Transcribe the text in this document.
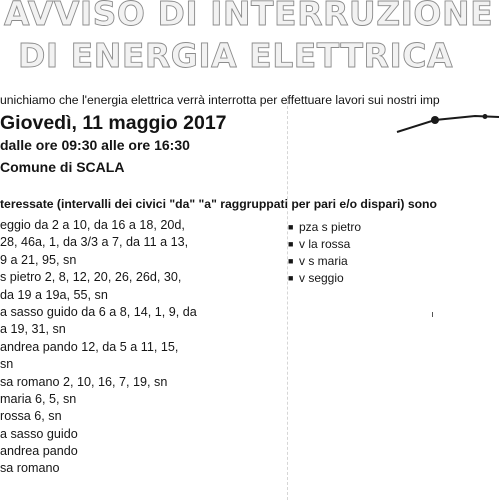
AVVISO DI INTERRUZIONE
DI ENERGIA ELETTRICA
unichiamo che l'energia elettrica verrà interrotta per effettuare lavori sui nostri imp
Giovedì, 11 maggio 2017
dalle ore 09:30 alle ore 16:30
Comune di SCALA
teressate (intervalli dei civici "da" "a" raggruppati per pari e/o dispari) sono
eggio da 2 a 10, da 16 a 18, 20d,
28, 46a, 1, da 3/3 a 7, da 11 a 13,
9 a 21, 95, sn
s pietro 2, 8, 12, 20, 26, 26d, 30,
da 19 a 19a, 55, sn
a sasso guido da 6 a 8, 14, 1, 9, da
a 19, 31, sn
andrea pando 12, da 5 a 11, 15,
sn
sa romano 2, 10, 16, 7, 19, sn
maria 6, 5, sn
rossa 6, sn
a sasso guido
andrea pando
sa romano
■ pza s pietro
■ v la rossa
■ v s maria
■ v seggio
